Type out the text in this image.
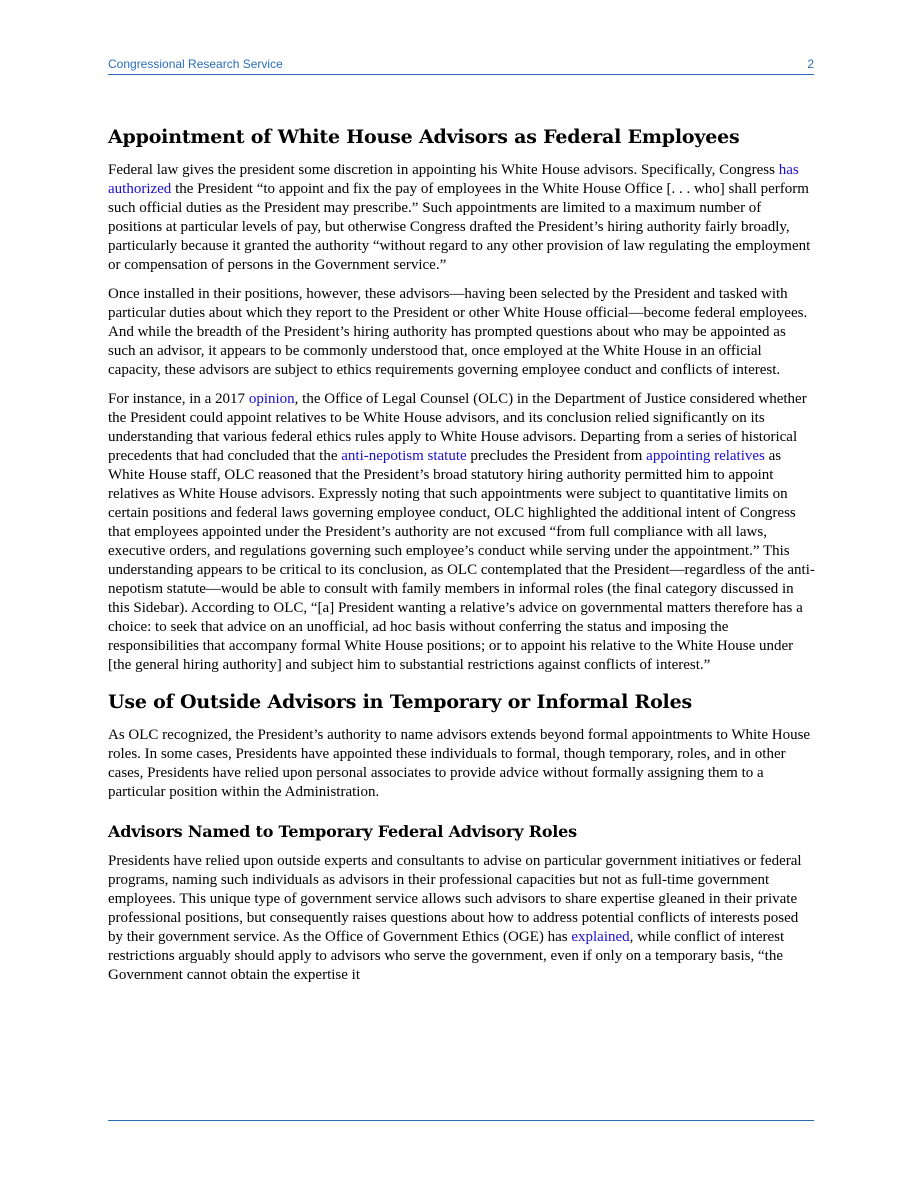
Congressional Research Service	2
Appointment of White House Advisors as Federal Employees

Federal law gives the president some discretion in appointing his White House advisors. Specifically, Congress has authorized the President “to appoint and fix the pay of employees in the White House Office [. . . who] shall perform such official duties as the President may prescribe.” Such appointments are limited to a maximum number of positions at particular levels of pay, but otherwise Congress drafted the President’s hiring authority fairly broadly, particularly because it granted the authority “without regard to any other provision of law regulating the employment or compensation of persons in the Government service.”

Once installed in their positions, however, these advisors—having been selected by the President and tasked with particular duties about which they report to the President or other White House official—become federal employees. And while the breadth of the President’s hiring authority has prompted questions about who may be appointed as such an advisor, it appears to be commonly understood that, once employed at the White House in an official capacity, these advisors are subject to ethics requirements governing employee conduct and conflicts of interest.

For instance, in a 2017 opinion, the Office of Legal Counsel (OLC) in the Department of Justice considered whether the President could appoint relatives to be White House advisors, and its conclusion relied significantly on its understanding that various federal ethics rules apply to White House advisors. Departing from a series of historical precedents that had concluded that the anti-nepotism statute precludes the President from appointing relatives as White House staff, OLC reasoned that the President’s broad statutory hiring authority permitted him to appoint relatives as White House advisors. Expressly noting that such appointments were subject to quantitative limits on certain positions and federal laws governing employee conduct, OLC highlighted the additional intent of Congress that employees appointed under the President’s authority are not excused “from full compliance with all laws, executive orders, and regulations governing such employee’s conduct while serving under the appointment.” This understanding appears to be critical to its conclusion, as OLC contemplated that the President—regardless of the anti-nepotism statute—would be able to consult with family members in informal roles (the final category discussed in this Sidebar). According to OLC, “[a] President wanting a relative’s advice on governmental matters therefore has a choice: to seek that advice on an unofficial, ad hoc basis without conferring the status and imposing the responsibilities that accompany formal White House positions; or to appoint his relative to the White House under [the general hiring authority] and subject him to substantial restrictions against conflicts of interest.”

Use of Outside Advisors in Temporary or Informal Roles

As OLC recognized, the President’s authority to name advisors extends beyond formal appointments to White House roles. In some cases, Presidents have appointed these individuals to formal, though temporary, roles, and in other cases, Presidents have relied upon personal associates to provide advice without formally assigning them to a particular position within the Administration.

Advisors Named to Temporary Federal Advisory Roles

Presidents have relied upon outside experts and consultants to advise on particular government initiatives or federal programs, naming such individuals as advisors in their professional capacities but not as full-time government employees. This unique type of government service allows such advisors to share expertise gleaned in their private professional positions, but consequently raises questions about how to address potential conflicts of interests posed by their government service. As the Office of Government Ethics (OGE) has explained, while conflict of interest restrictions arguably should apply to advisors who serve the government, even if only on a temporary basis, “the Government cannot obtain the expertise it
